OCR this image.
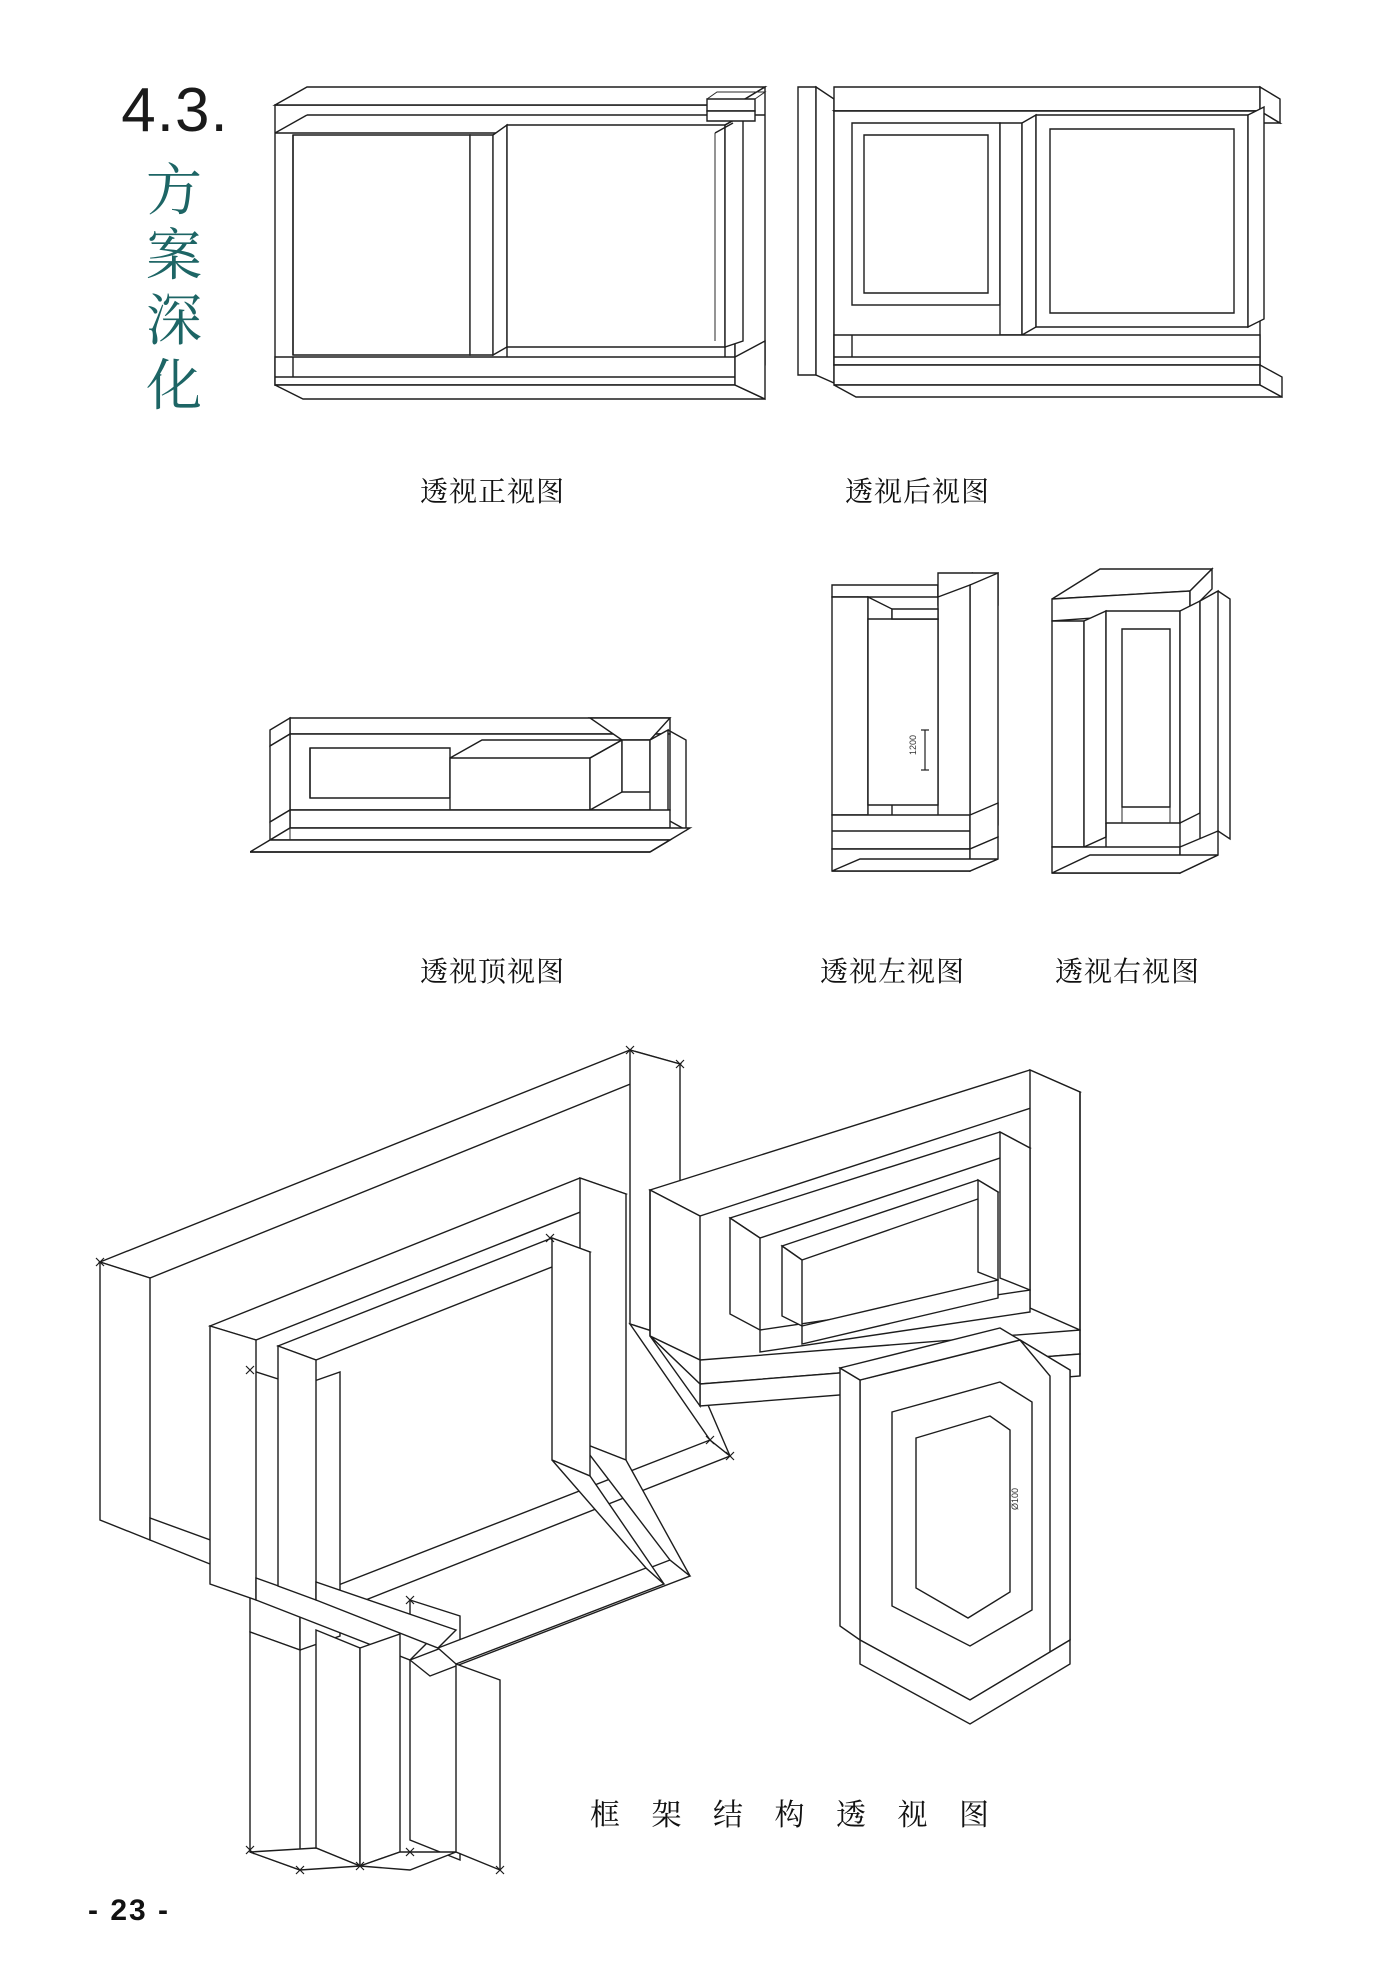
4.3.
方
案
深
化
透视正视图	透视后视图
透视顶视图
1200
透视左视图	透视右视图
Ø100
框 架 结 构 透 视 图
- 23 -
